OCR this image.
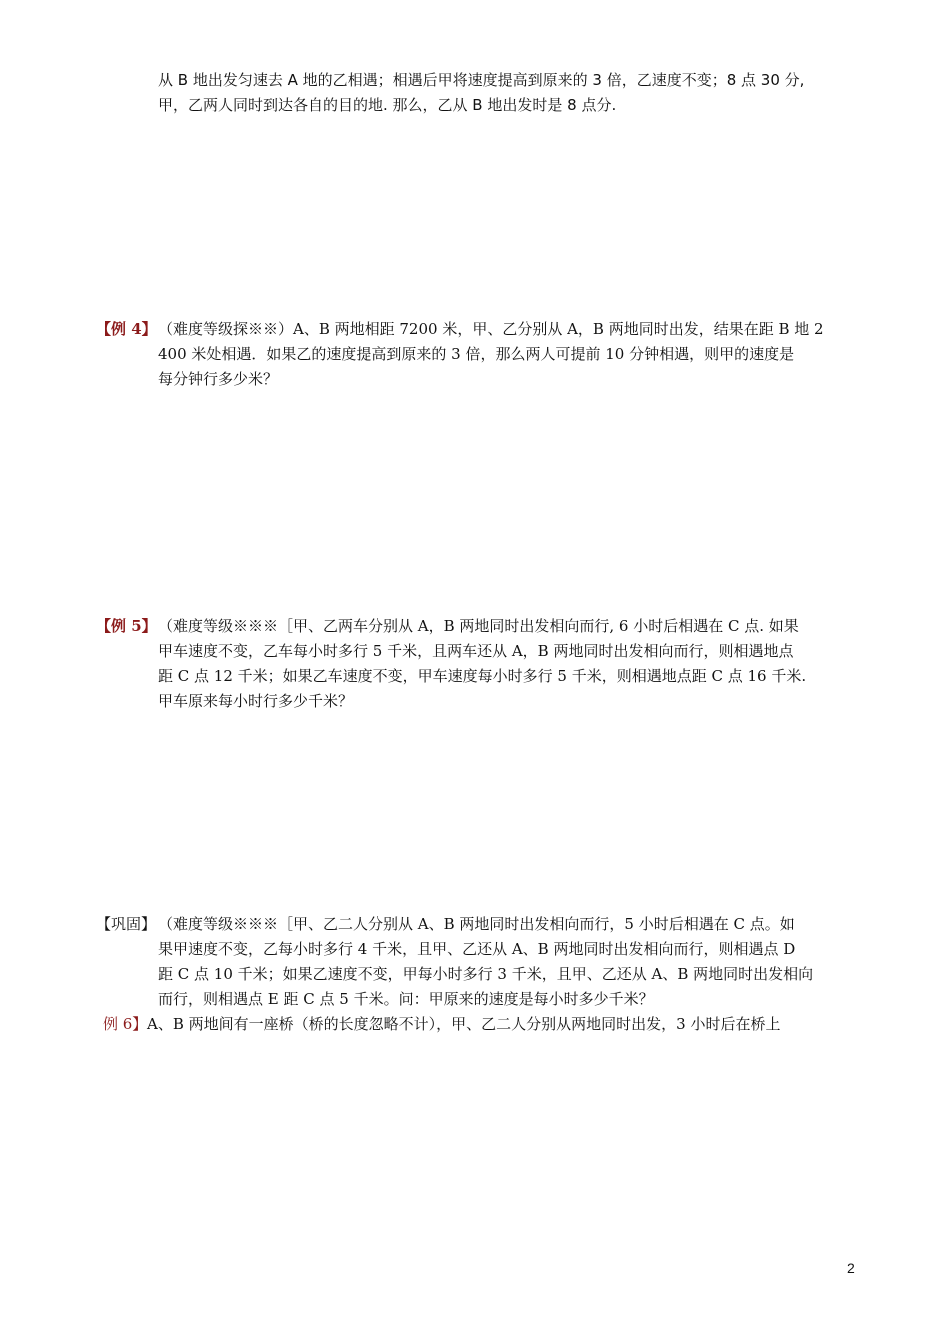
从 B 地出发匀速去 A 地的乙相遇；相遇后甲将速度提高到原来的 3 倍，乙速度不变；8 点 30 分,
甲，乙两人同时到达各自的目的地. 那么，乙从 B 地出发时是 8 点分.
【例 4】 （难度等级探※※）A、B 两地相距 7200 米，甲、乙分别从 A，B 两地同时出发，结果在距 B 地 2
400 米处相遇．如果乙的速度提高到原来的 3 倍，那么两人可提前 10 分钟相遇，则甲的速度是
每分钟行多少米？
【例 5】 （难度等级※※※［甲、乙两车分别从 A，B 两地同时出发相向而行, 6 小时后相遇在 C 点. 如果
甲车速度不变，乙车每小时多行 5 千米，且两车还从 A，B 两地同时出发相向而行，则相遇地点
距 C 点 12 千米；如果乙车速度不变，甲车速度每小时多行 5 千米，则相遇地点距 C 点 16 千米.
甲车原来每小时行多少千米？
【巩固】 （难度等级※※※［甲、乙二人分别从 A、B 两地同时出发相向而行，5 小时后相遇在 C 点。如
果甲速度不变，乙每小时多行 4 千米，且甲、乙还从 A、B 两地同时出发相向而行，则相遇点 D
距 C 点 10 千米；如果乙速度不变，甲每小时多行 3 千米，且甲、乙还从 A、B 两地同时出发相向
而行，则相遇点 E 距 C 点 5 千米。问：甲原来的速度是每小时多少千米？
例 6】 A、B 两地间有一座桥（桥的长度忽略不计），甲、乙二人分别从两地同时出发，3 小时后在桥上
2
